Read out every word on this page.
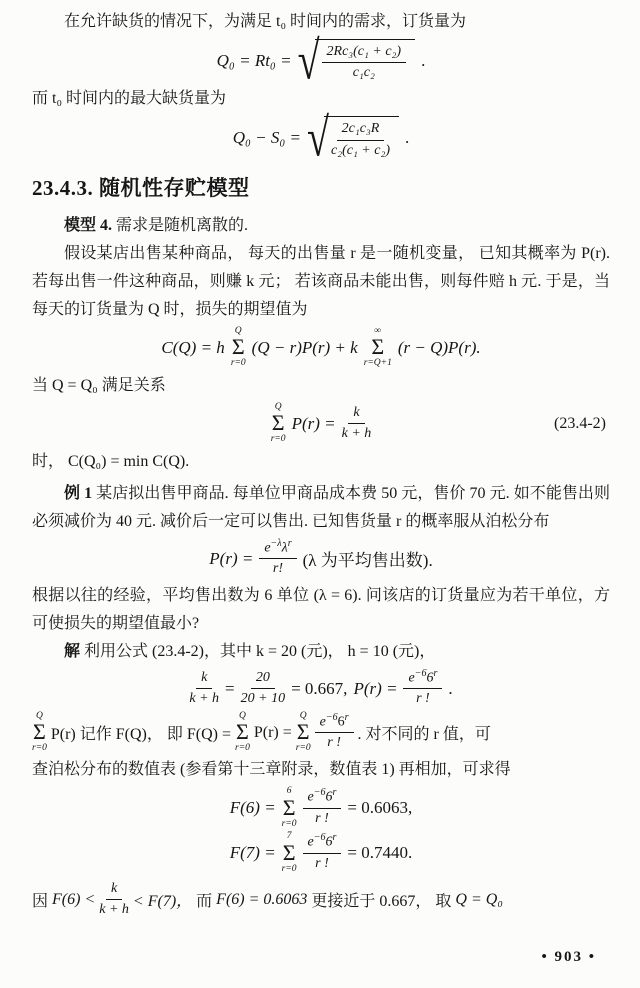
在允许缺货的情况下，为满足 t₀ 时间内的需求，订货量为

Q₀ = Rt₀ = √ $\frac{\text{2Rc₃(c₁ + c₂)}}{\text{c₁c₂}}$ .

而 t₀ 时间内的最大缺货量为

Q₀ − S₀ = √ $\frac{\text{2c₁c₃R}}{\text{c₂(c₁ + c₂)}}$ .
23.4.3. 随机性存贮模型

模型 4. 需求是随机离散的.

假设某店出售某种商品， 每天的出售量 r 是一随机变量， 已知其概率为 P(r). 若每出售一件这种商品，则赚 k 元； 若该商品未能出售，则每件赔 h 元. 于是，当每天的订货量为 Q 时，损失的期望值为

C(Q) = h
Q
Σ
r=0
(Q − r)P(r) + k
∞
Σ
r=Q+1
(r − Q)P(r).

当 Q = Q₀ 满足关系

Q
Σ
r=0
$P(r) = \frac{k}{k + h}$	(23.4-2)

时， C(Q₀) = min C(Q).

例 1 某店拟出售甲商品. 每单位甲商品成本费 50 元，售价 70 元. 如不能售出则必须减价为 40 元. 减价后一定可以售出. 已知售货量 r 的概率服从泊松分布

$P(r) = \frac{e^{-\lambda}\lambda^r}{r!} (\lambda$ 为平均售出数).

根据以往的经验，平均售出数为 6 单位 (λ = 6). 问该店的订货量应为若干单位，方可使损失的期望值最小?

解 利用公式 (23.4-2)，其中 k = 20 (元)， h = 10 (元)，

$\frac{k}{k + h} = \frac{20}{20 + 10} = 0.667$, $P(r) = \frac{e^{-6}6^r}{r !}$ .
Q
Σ
r=0
P(r) 记作 F(Q)， 即 F(Q) =
Q
Σ
r=0
P(r) =
Q
Σ
$r=0 \frac{e^{-6}6^r}{r !}$ . 对不同的 r 值，可

查泊松分布的数值表 (参看第十三章附录，数值表 1) 再相加，可求得

F(6) =
6
Σ
$r=0 \frac{e^{-6}6^r}{r !} = 0.6063$,
F(7) =
7
Σ
$r=0 \frac{e^{-6}6^r}{r !} = 0.7440$.
因 $F(6) < \frac{k}{k + h} < F(7)$， 而 F(6) = 0.6063 更接近于 0.667， 取 Q = Q₀
• 903 •
